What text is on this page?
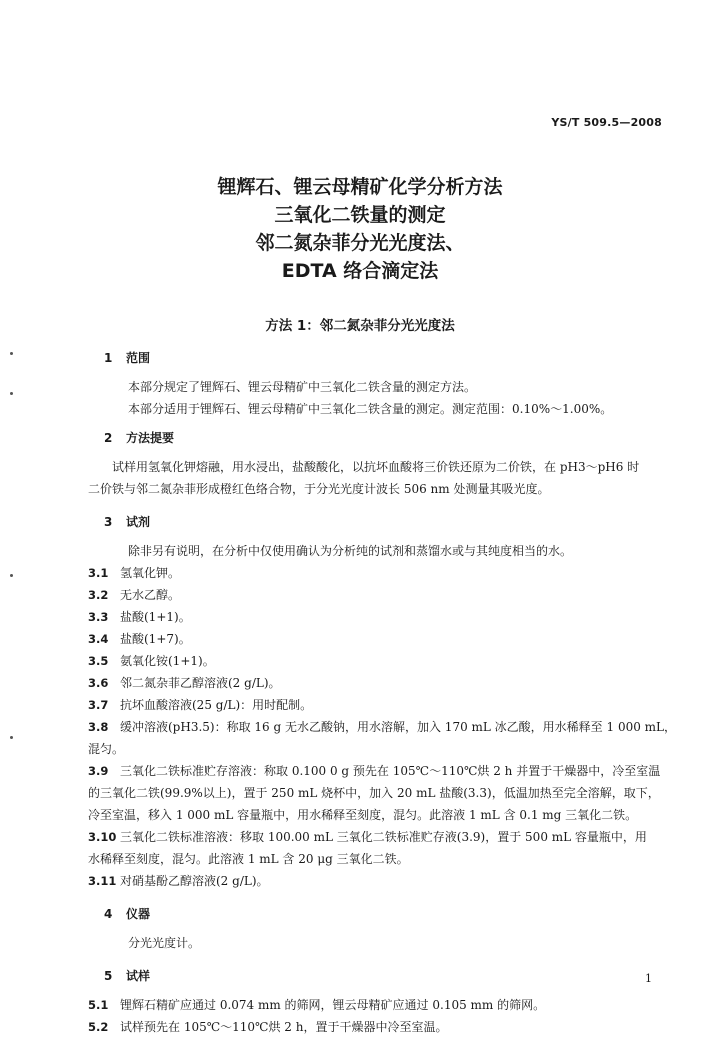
YS/T 509.5—2008
锂辉石、锂云母精矿化学分析方法
三氧化二铁量的测定
邻二氮杂菲分光光度法、
EDTA 络合滴定法
方法 1：邻二氮杂菲分光光度法
1 范围
本部分规定了锂辉石、锂云母精矿中三氧化二铁含量的测定方法。
本部分适用于锂辉石、锂云母精矿中三氧化二铁含量的测定。测定范围：0.10%～1.00%。
2 方法提要
试样用氢氧化钾熔融，用水浸出，盐酸酸化，以抗坏血酸将三价铁还原为二价铁，在 pH3～pH6 时
二价铁与邻二氮杂菲形成橙红色络合物，于分光光度计波长 506 nm 处测量其吸光度。
3 试剂
除非另有说明，在分析中仅使用确认为分析纯的试剂和蒸馏水或与其纯度相当的水。
3.1 氢氧化钾。
3.2 无水乙醇。
3.3 盐酸(1+1)。
3.4 盐酸(1+7)。
3.5 氨氧化铵(1+1)。
3.6 邻二氮杂菲乙醇溶液(2 g/L)。
3.7 抗坏血酸溶液(25 g/L)：用时配制。
3.8 缓冲溶液(pH3.5)：称取 16 g 无水乙酸钠，用水溶解，加入 170 mL 冰乙酸，用水稀释至 1 000 mL，
混匀。
3.9 三氧化二铁标准贮存溶液：称取 0.100 0 g 预先在 105℃～110℃烘 2 h 并置于干燥器中，冷至室温
的三氧化二铁(99.9%以上)，置于 250 mL 烧杯中，加入 20 mL 盐酸(3.3)，低温加热至完全溶解，取下，
冷至室温，移入 1 000 mL 容量瓶中，用水稀释至刻度，混匀。此溶液 1 mL 含 0.1 mg 三氧化二铁。
3.10 三氧化二铁标准溶液：移取 100.00 mL 三氧化二铁标准贮存液(3.9)，置于 500 mL 容量瓶中，用
水稀释至刻度，混匀。此溶液 1 mL 含 20 μg 三氧化二铁。
3.11 对硝基酚乙醇溶液(2 g/L)。
4 仪器
分光光度计。
5 试样
5.1 锂辉石精矿应通过 0.074 mm 的筛网，锂云母精矿应通过 0.105 mm 的筛网。
5.2 试样预先在 105℃～110℃烘 2 h，置于干燥器中冷至室温。
1
